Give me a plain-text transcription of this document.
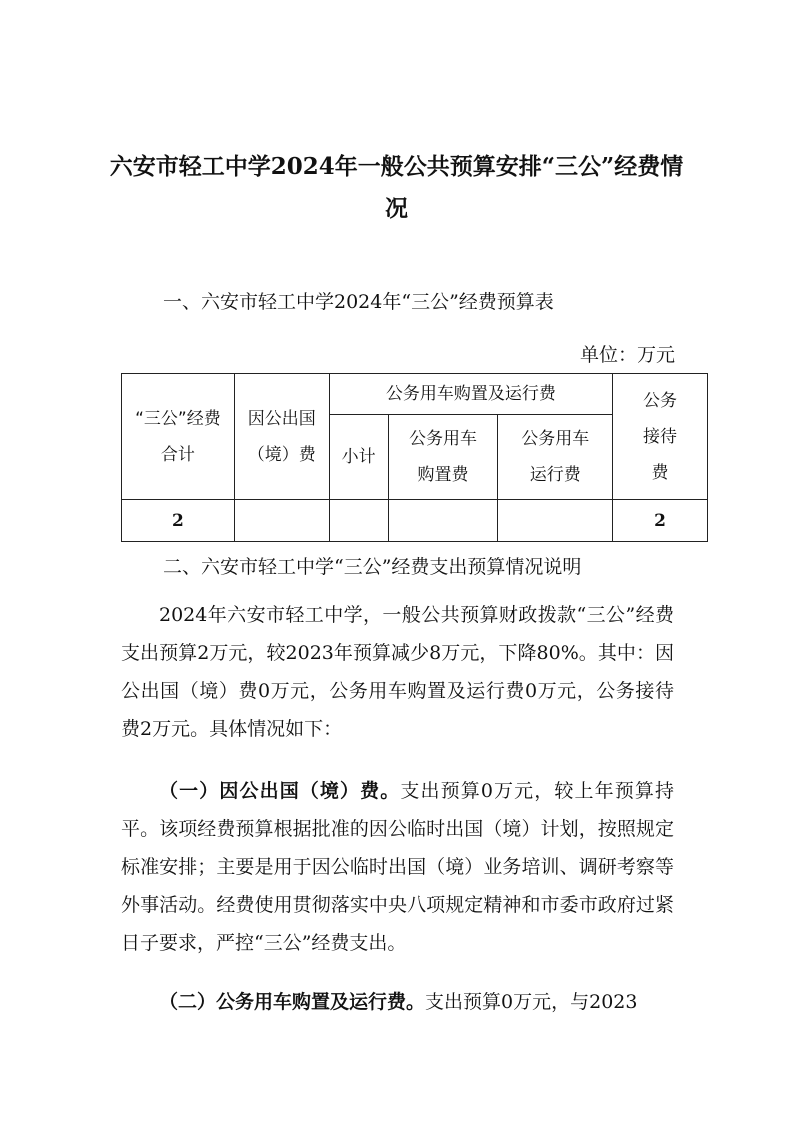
六安市轻工中学2024年一般公共预算安排“三公”经费情况
一、六安市轻工中学2024年“三公”经费预算表
单位：万元
“三公”经费合计	因公出国（境）费	公务用车购置及运行费			公务接待费
		小计	公务用车购置费	公务用车运行费	
2					2
二、六安市轻工中学“三公”经费支出预算情况说明

2024年六安市轻工中学，一般公共预算财政拨款“三公”经费支出预算2万元，较2023年预算减少8万元，下降80%。其中：因公出国（境）费0万元，公务用车购置及运行费0万元，公务接待费2万元。具体情况如下：

（一）因公出国（境）费。支出预算0万元，较上年预算持平。该项经费预算根据批准的因公临时出国（境）计划，按照规定标准安排；主要是用于因公临时出国（境）业务培训、调研考察等外事活动。经费使用贯彻落实中央八项规定精神和市委市政府过紧日子要求，严控“三公”经费支出。

（二）公务用车购置及运行费。支出预算0万元，与2023
